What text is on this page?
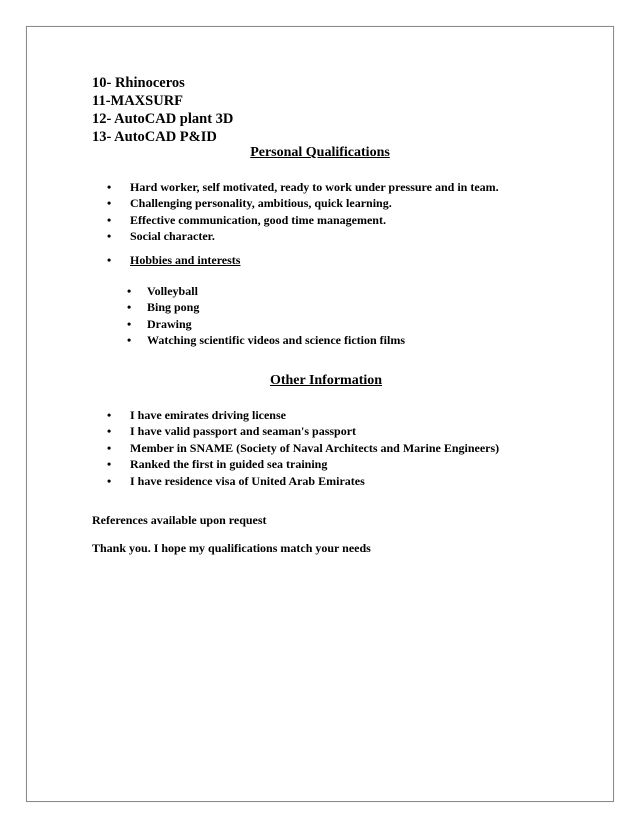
10- Rhinoceros
11-MAXSURF
12- AutoCAD plant 3D
13- AutoCAD P&ID
Personal Qualifications
• Hard worker, self motivated, ready to work under pressure and in team.
• Challenging personality, ambitious, quick learning.
• Effective communication, good time management.
• Social character.
• Hobbies and interests
• Volleyball
• Bing pong
• Drawing
• Watching scientific videos and science fiction films
Other Information
• I have emirates driving license
• I have valid passport and seaman's passport
• Member in SNAME (Society of Naval Architects and Marine Engineers)
• Ranked the first in guided sea training
• I have residence visa of United Arab Emirates
References available upon request
Thank you. I hope my qualifications match your needs
